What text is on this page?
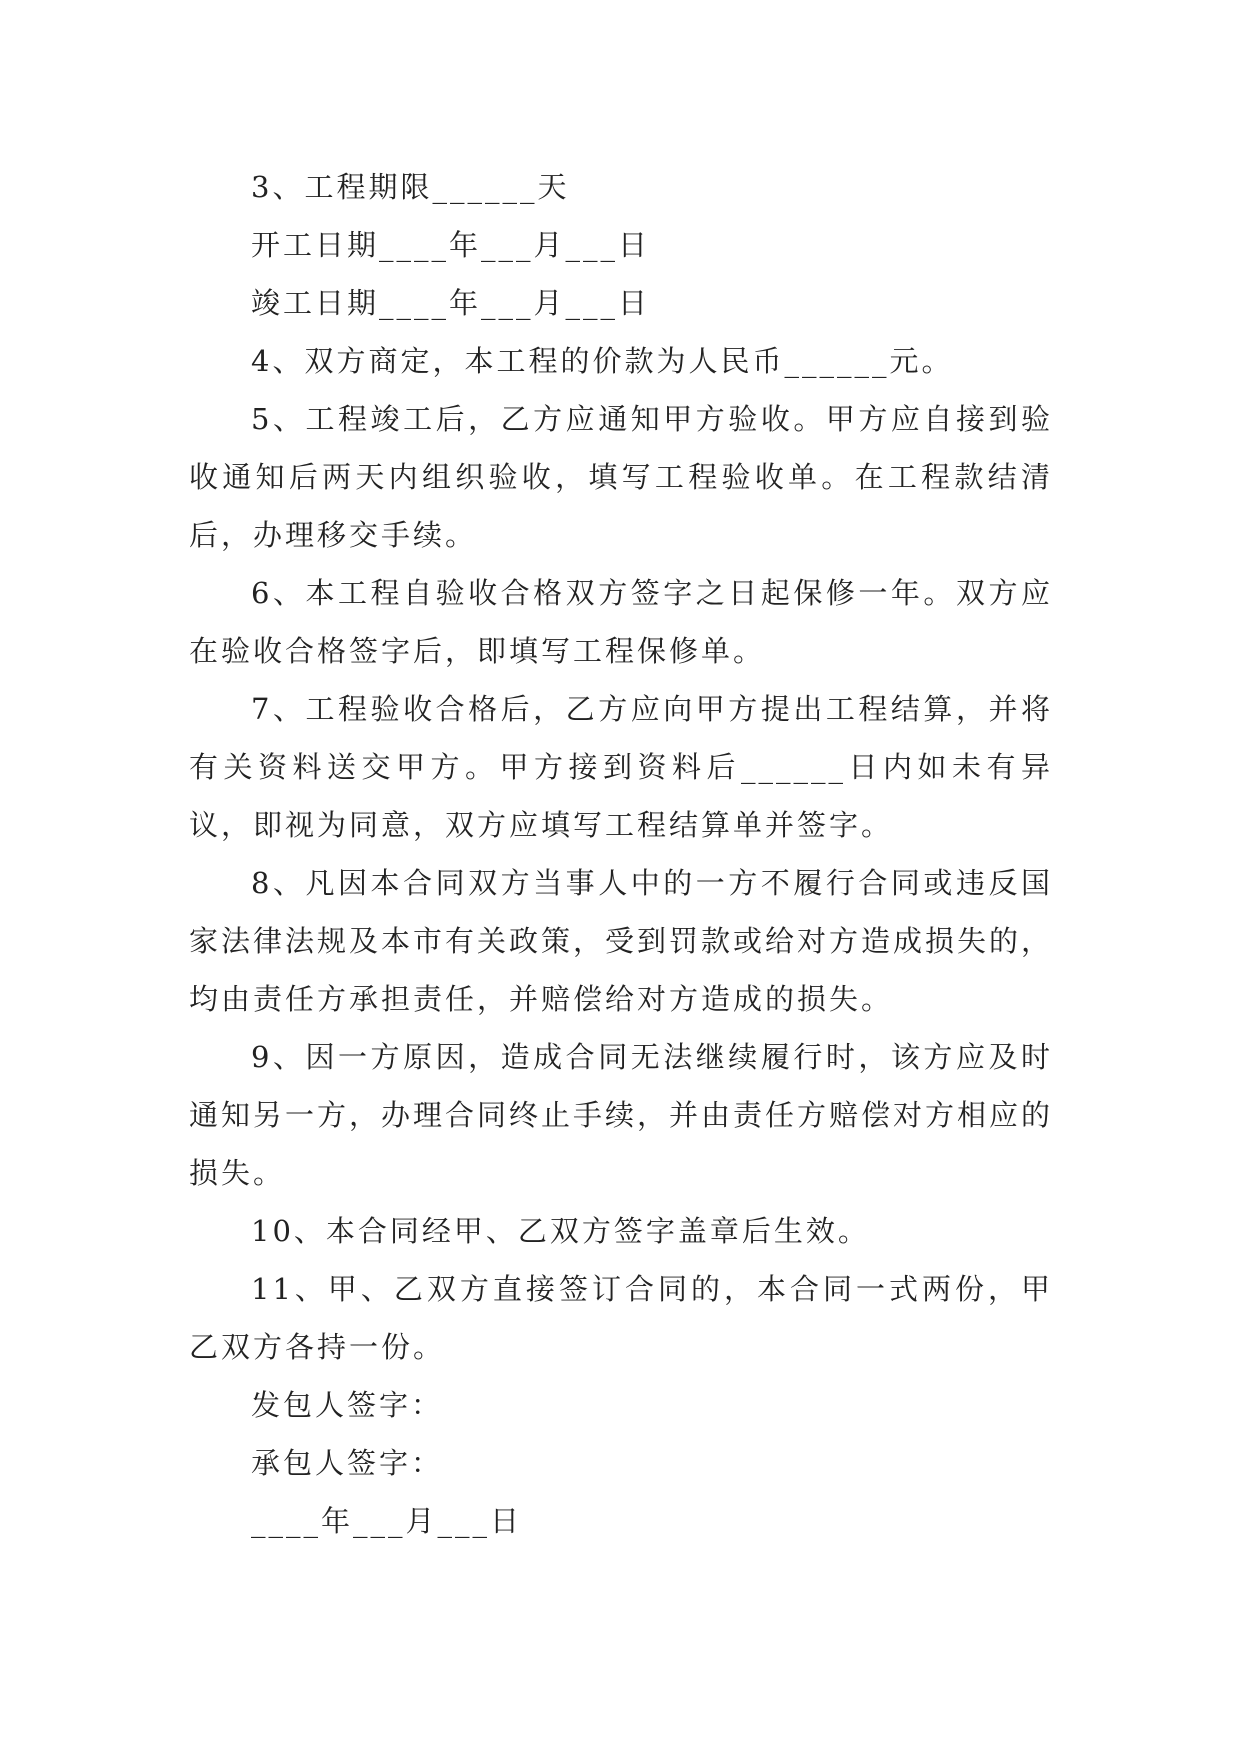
3、工程期限______天

开工日期____年___月___日

竣工日期____年___月___日

4、双方商定，本工程的价款为人民币______元。

5、工程竣工后，乙方应通知甲方验收。甲方应自接到验收通知后两天内组织验收，填写工程验收单。在工程款结清后，办理移交手续。

6、本工程自验收合格双方签字之日起保修一年。双方应在验收合格签字后，即填写工程保修单。

7、工程验收合格后，乙方应向甲方提出工程结算，并将有关资料送交甲方。甲方接到资料后______日内如未有异议，即视为同意，双方应填写工程结算单并签字。

8、凡因本合同双方当事人中的一方不履行合同或违反国家法律法规及本市有关政策，受到罚款或给对方造成损失的，均由责任方承担责任，并赔偿给对方造成的损失。

9、因一方原因，造成合同无法继续履行时，该方应及时通知另一方，办理合同终止手续，并由责任方赔偿对方相应的损失。

10、本合同经甲、乙双方签字盖章后生效。

11、甲、乙双方直接签订合同的，本合同一式两份，甲乙双方各持一份。

发包人签字：

承包人签字：

____年___月___日
